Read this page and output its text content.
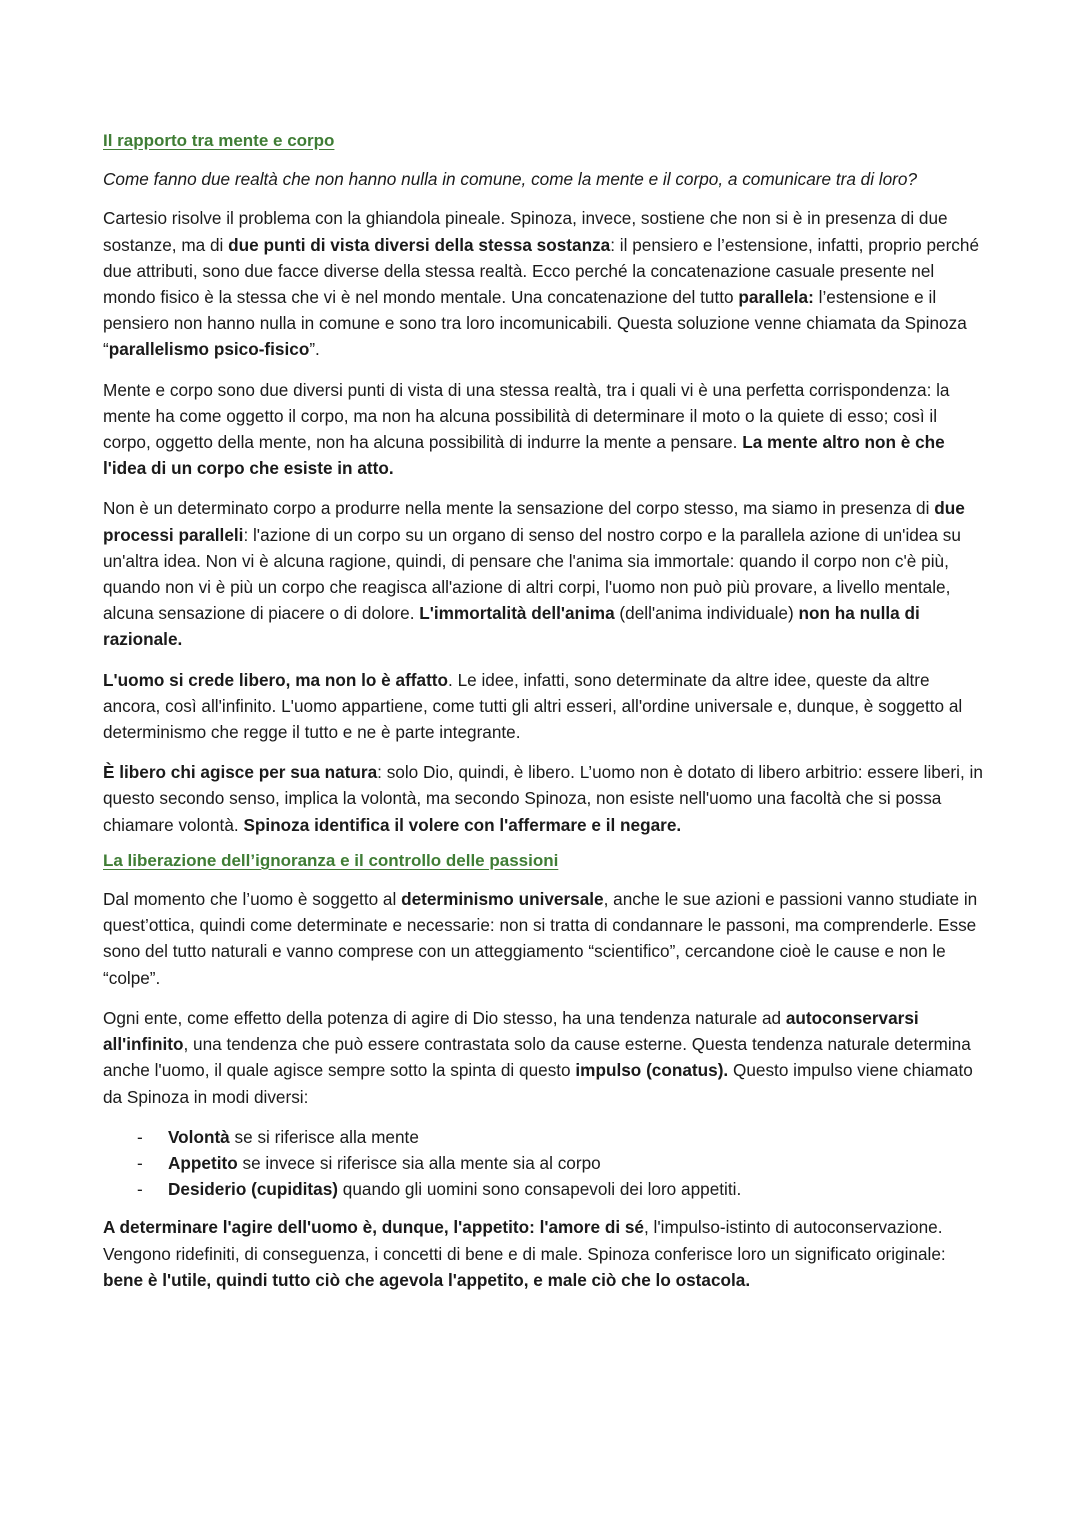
Il rapporto tra mente e corpo
Come fanno due realtà che non hanno nulla in comune, come la mente e il corpo, a comunicare tra di loro?

Cartesio risolve il problema con la ghiandola pineale. Spinoza, invece, sostiene che non si è in presenza di due sostanze, ma di due punti di vista diversi della stessa sostanza: il pensiero e l’estensione, infatti, proprio perché due attributi, sono due facce diverse della stessa realtà. Ecco perché la concatenazione casuale presente nel mondo fisico è la stessa che vi è nel mondo mentale. Una concatenazione del tutto parallela: l’estensione e il pensiero non hanno nulla in comune e sono tra loro incomunicabili. Questa soluzione venne chiamata da Spinoza “parallelismo psico-fisico”.

Mente e corpo sono due diversi punti di vista di una stessa realtà, tra i quali vi è una perfetta corrispondenza: la mente ha come oggetto il corpo, ma non ha alcuna possibilità di determinare il moto o la quiete di esso; così il corpo, oggetto della mente, non ha alcuna possibilità di indurre la mente a pensare. La mente altro non è che l'idea di un corpo che esiste in atto.

Non è un determinato corpo a produrre nella mente la sensazione del corpo stesso, ma siamo in presenza di due processi paralleli: l'azione di un corpo su un organo di senso del nostro corpo e la parallela azione di un'idea su un'altra idea. Non vi è alcuna ragione, quindi, di pensare che l'anima sia immortale: quando il corpo non c'è più, quando non vi è più un corpo che reagisca all'azione di altri corpi, l'uomo non può più provare, a livello mentale, alcuna sensazione di piacere o di dolore. L'immortalità dell'anima (dell'anima individuale) non ha nulla di razionale.

L'uomo si crede libero, ma non lo è affatto. Le idee, infatti, sono determinate da altre idee, queste da altre ancora, così all'infinito. L'uomo appartiene, come tutti gli altri esseri, all'ordine universale e, dunque, è soggetto al determinismo che regge il tutto e ne è parte integrante.

È libero chi agisce per sua natura: solo Dio, quindi, è libero. L’uomo non è dotato di libero arbitrio: essere liberi, in questo secondo senso, implica la volontà, ma secondo Spinoza, non esiste nell'uomo una facoltà che si possa chiamare volontà. Spinoza identifica il volere con l'affermare e il negare.

La liberazione dell’ignoranza e il controllo delle passioni

Dal momento che l’uomo è soggetto al determinismo universale, anche le sue azioni e passioni vanno studiate in quest’ottica, quindi come determinate e necessarie: non si tratta di condannare le passoni, ma comprenderle. Esse sono del tutto naturali e vanno comprese con un atteggiamento “scientifico”, cercandone cioè le cause e non le “colpe”.

Ogni ente, come effetto della potenza di agire di Dio stesso, ha una tendenza naturale ad autoconservarsi all'infinito, una tendenza che può essere contrastata solo da cause esterne. Questa tendenza naturale determina anche l'uomo, il quale agisce sempre sotto la spinta di questo impulso (conatus). Questo impulso viene chiamato da Spinoza in modi diversi:

- Volontà se si riferisce alla mente
- Appetito se invece si riferisce sia alla mente sia al corpo
- Desiderio (cupiditas) quando gli uomini sono consapevoli dei loro appetiti.

A determinare l'agire dell'uomo è, dunque, l'appetito: l'amore di sé, l'impulso-istinto di autoconservazione. Vengono ridefiniti, di conseguenza, i concetti di bene e di male. Spinoza conferisce loro un significato originale: bene è l'utile, quindi tutto ciò che agevola l'appetito, e male ciò che lo ostacola.
